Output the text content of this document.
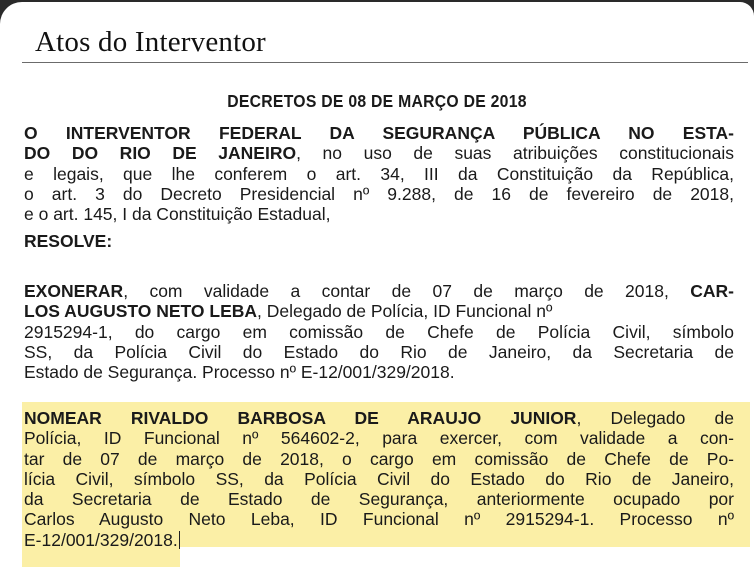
Atos do Interventor
DECRETOS DE 08 DE MARÇO DE 2018
O INTERVENTOR FEDERAL DA SEGURANÇA PÚBLICA NO ESTA-
DO DO RIO DE JANEIRO, no uso de suas atribuições constitucionais
e legais, que lhe conferem o art. 34, III da Constituição da República,
o art. 3 do Decreto Presidencial nº 9.288, de 16 de fevereiro de 2018,
e o art. 145, I da Constituição Estadual,
RESOLVE:
EXONERAR, com validade a contar de 07 de março de 2018, CAR-
LOS AUGUSTO NETO LEBA, Delegado de Polícia, ID Funcional nº
2915294-1, do cargo em comissão de Chefe de Polícia Civil, símbolo
SS, da Polícia Civil do Estado do Rio de Janeiro, da Secretaria de
Estado de Segurança. Processo nº E-12/001/329/2018.
NOMEAR RIVALDO BARBOSA DE ARAUJO JUNIOR, Delegado de
Polícia, ID Funcional nº 564602-2, para exercer, com validade a con-
tar de 07 de março de 2018, o cargo em comissão de Chefe de Po-
lícia Civil, símbolo SS, da Polícia Civil do Estado do Rio de Janeiro,
da Secretaria de Estado de Segurança, anteriormente ocupado por
Carlos Augusto Neto Leba, ID Funcional nº 2915294-1. Processo nº
E-12/001/329/2018.
